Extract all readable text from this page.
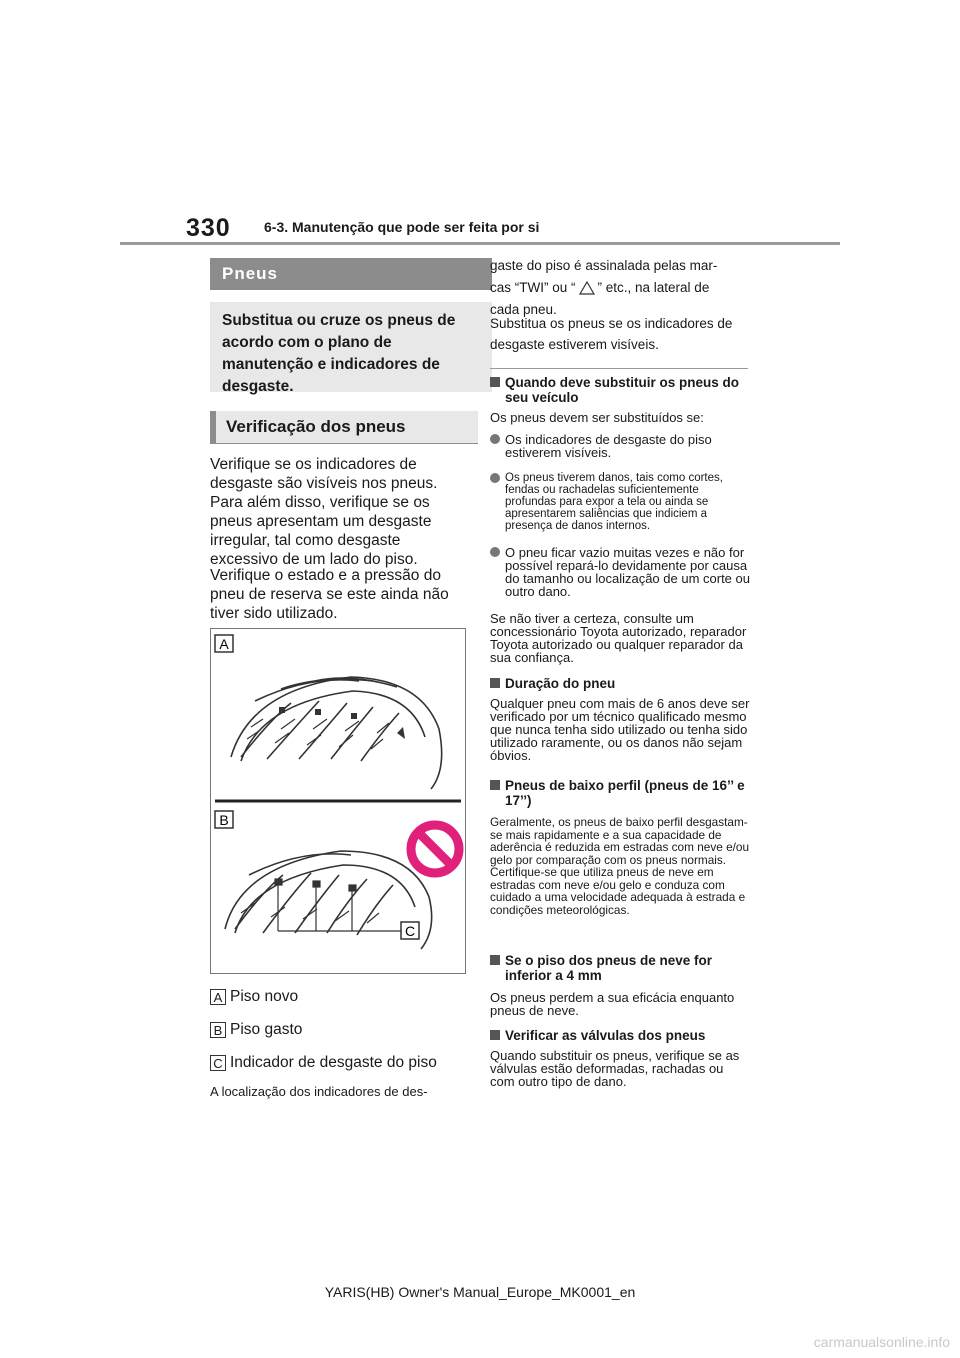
330 6-3. Manutenção que pode ser feita por si
Pneus
Substitua ou cruze os pneus de acordo com o plano de manutenção e indicadores de desgaste.
Verificação dos pneus
Verifique se os indicadores de desgaste são visíveis nos pneus. Para além disso, verifique se os pneus apresentam um desgaste irregular, tal como desgaste excessivo de um lado do piso.
Verifique o estado e a pressão do pneu de reserva se este ainda não tiver sido utilizado.
A
B
C
A Piso novo
B Piso gasto
C Indicador de desgaste do piso
A localização dos indicadores de des-
gaste do piso é assinalada pelas mar-
cas “TWI” ou “ ” etc., na lateral de
cada pneu.
Substitua os pneus se os indicadores de desgaste estiverem visíveis.
Quando deve substituir os pneus do seu veículo
Os pneus devem ser substituídos se:
Os indicadores de desgaste do piso estiverem visíveis.
Os pneus tiverem danos, tais como cortes, fendas ou rachadelas suficientemente profundas para expor a tela ou ainda se apresentarem saliências que indiciem a presença de danos internos.
O pneu ficar vazio muitas vezes e não for possível repará-lo devidamente por causa do tamanho ou localização de um corte ou outro dano.
Se não tiver a certeza, consulte um concessionário Toyota autorizado, reparador Toyota autorizado ou qualquer reparador da sua confiança.
Duração do pneu
Qualquer pneu com mais de 6 anos deve ser verificado por um técnico qualificado mesmo que nunca tenha sido utilizado ou tenha sido utilizado raramente, ou os danos não sejam óbvios.
Pneus de baixo perfil (pneus de 16’’ e 17’’)
Geralmente, os pneus de baixo perfil desgastam-se mais rapidamente e a sua capacidade de aderência é reduzida em estradas com neve e/ou gelo por comparação com os pneus normais. Certifique-se que utiliza pneus de neve em estradas com neve e/ou gelo e conduza com cuidado a uma velocidade adequada à estrada e condições meteorológicas.
Se o piso dos pneus de neve for inferior a 4 mm
Os pneus perdem a sua eficácia enquanto pneus de neve.
Verificar as válvulas dos pneus
Quando substituir os pneus, verifique se as válvulas estão deformadas, rachadas ou com outro tipo de dano.
YARIS(HB) Owner's Manual_Europe_MK0001_en
carmanualsonline.info
